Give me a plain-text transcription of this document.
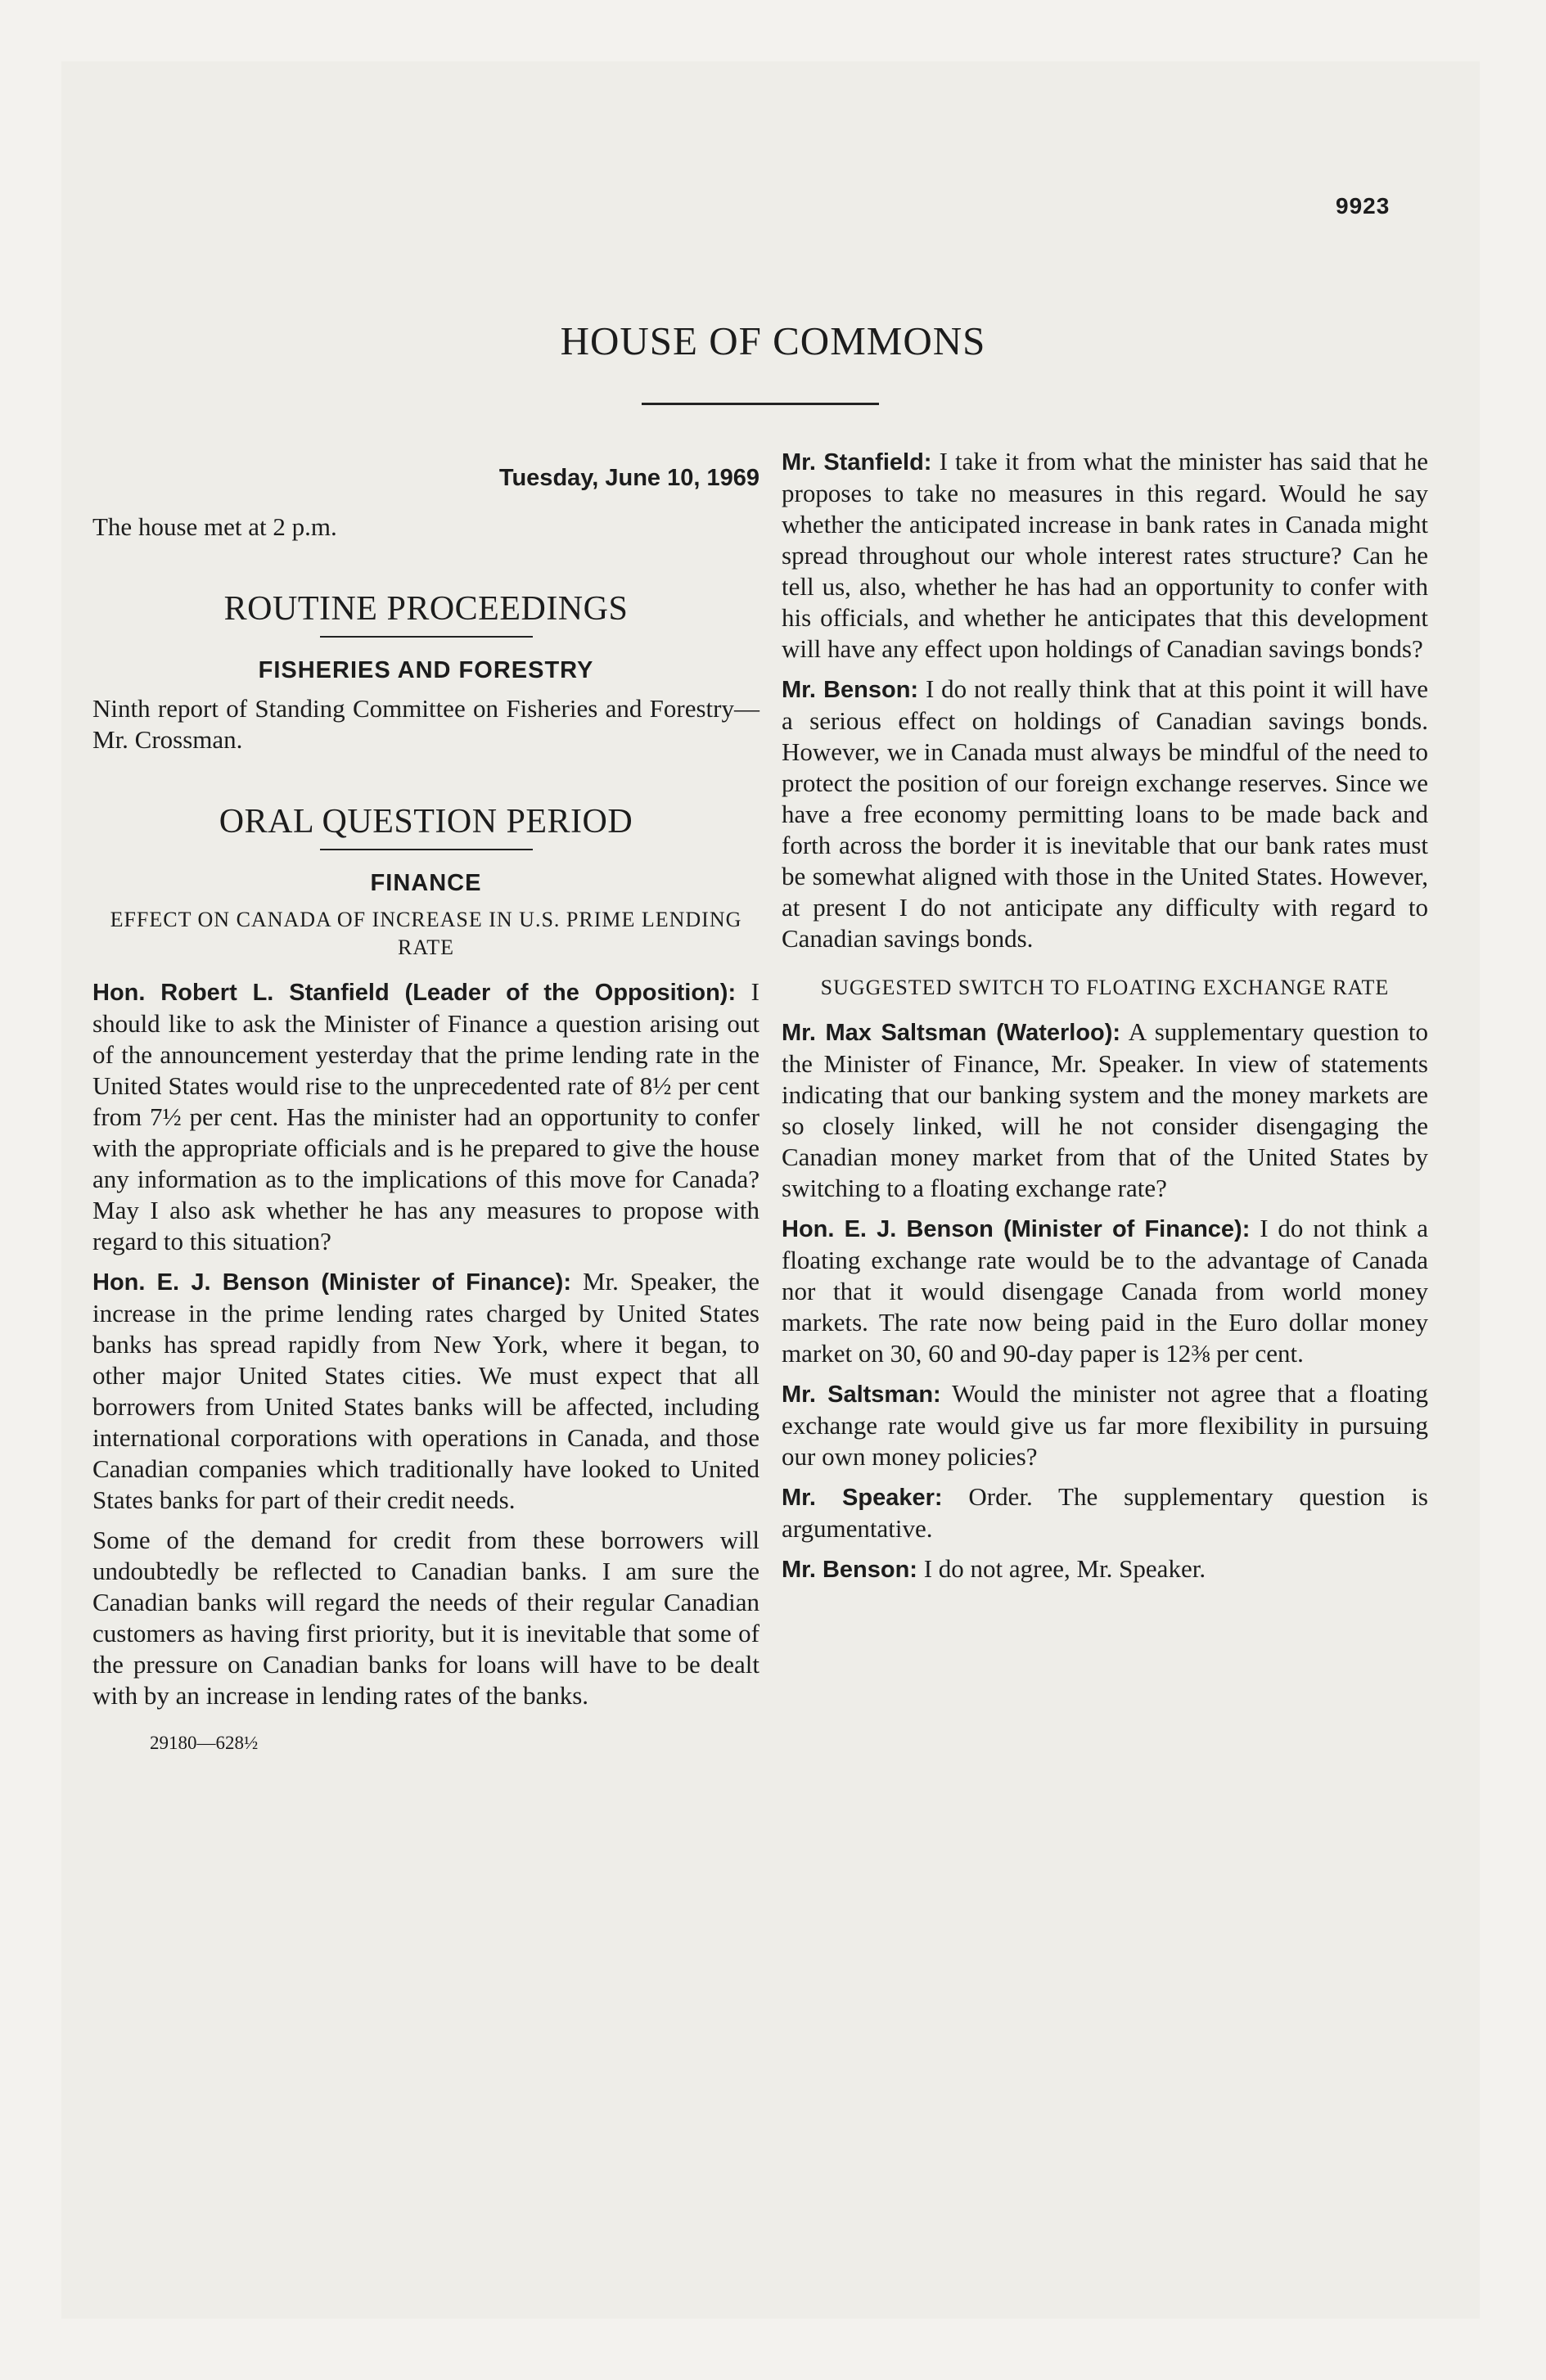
9923
HOUSE OF COMMONS
Tuesday, June 10, 1969
The house met at 2 p.m.
ROUTINE PROCEEDINGS
FISHERIES AND FORESTRY

Ninth report of Standing Committee on Fisheries and Forestry—Mr. Crossman.

ORAL QUESTION PERIOD
FINANCE
EFFECT ON CANADA OF INCREASE IN U.S. PRIME LENDING RATE

Hon. Robert L. Stanfield (Leader of the Opposition): I should like to ask the Minister of Finance a question arising out of the announcement yesterday that the prime lending rate in the United States would rise to the unprecedented rate of 8½ per cent from 7½ per cent. Has the minister had an opportunity to confer with the appropriate officials and is he prepared to give the house any information as to the implications of this move for Canada? May I also ask whether he has any measures to propose with regard to this situation?

Hon. E. J. Benson (Minister of Finance): Mr. Speaker, the increase in the prime lending rates charged by United States banks has spread rapidly from New York, where it began, to other major United States cities. We must expect that all borrowers from United States banks will be affected, including international corporations with operations in Canada, and those Canadian companies which traditionally have looked to United States banks for part of their credit needs.

Some of the demand for credit from these borrowers will undoubtedly be reflected to Canadian banks. I am sure the Canadian banks will regard the needs of their regular Canadian customers as having first priority, but it is inevitable that some of the pressure on Canadian banks for loans will have to be dealt with by an increase in lending rates of the banks.

29180—628½

Mr. Stanfield: I take it from what the minister has said that he proposes to take no measures in this regard. Would he say whether the anticipated increase in bank rates in Canada might spread throughout our whole interest rates structure? Can he tell us, also, whether he has had an opportunity to confer with his officials, and whether he anticipates that this development will have any effect upon holdings of Canadian savings bonds?

Mr. Benson: I do not really think that at this point it will have a serious effect on holdings of Canadian savings bonds. However, we in Canada must always be mindful of the need to protect the position of our foreign exchange reserves. Since we have a free economy permitting loans to be made back and forth across the border it is inevitable that our bank rates must be somewhat aligned with those in the United States. However, at present I do not anticipate any difficulty with regard to Canadian savings bonds.

SUGGESTED SWITCH TO FLOATING EXCHANGE RATE

Mr. Max Saltsman (Waterloo): A supplementary question to the Minister of Finance, Mr. Speaker. In view of statements indicating that our banking system and the money markets are so closely linked, will he not consider disengaging the Canadian money market from that of the United States by switching to a floating exchange rate?

Hon. E. J. Benson (Minister of Finance): I do not think a floating exchange rate would be to the advantage of Canada nor that it would disengage Canada from world money markets. The rate now being paid in the Euro dollar money market on 30, 60 and 90-day paper is 12⅜ per cent.

Mr. Saltsman: Would the minister not agree that a floating exchange rate would give us far more flexibility in pursuing our own money policies?

Mr. Speaker: Order. The supplementary question is argumentative.

Mr. Benson: I do not agree, Mr. Speaker.
